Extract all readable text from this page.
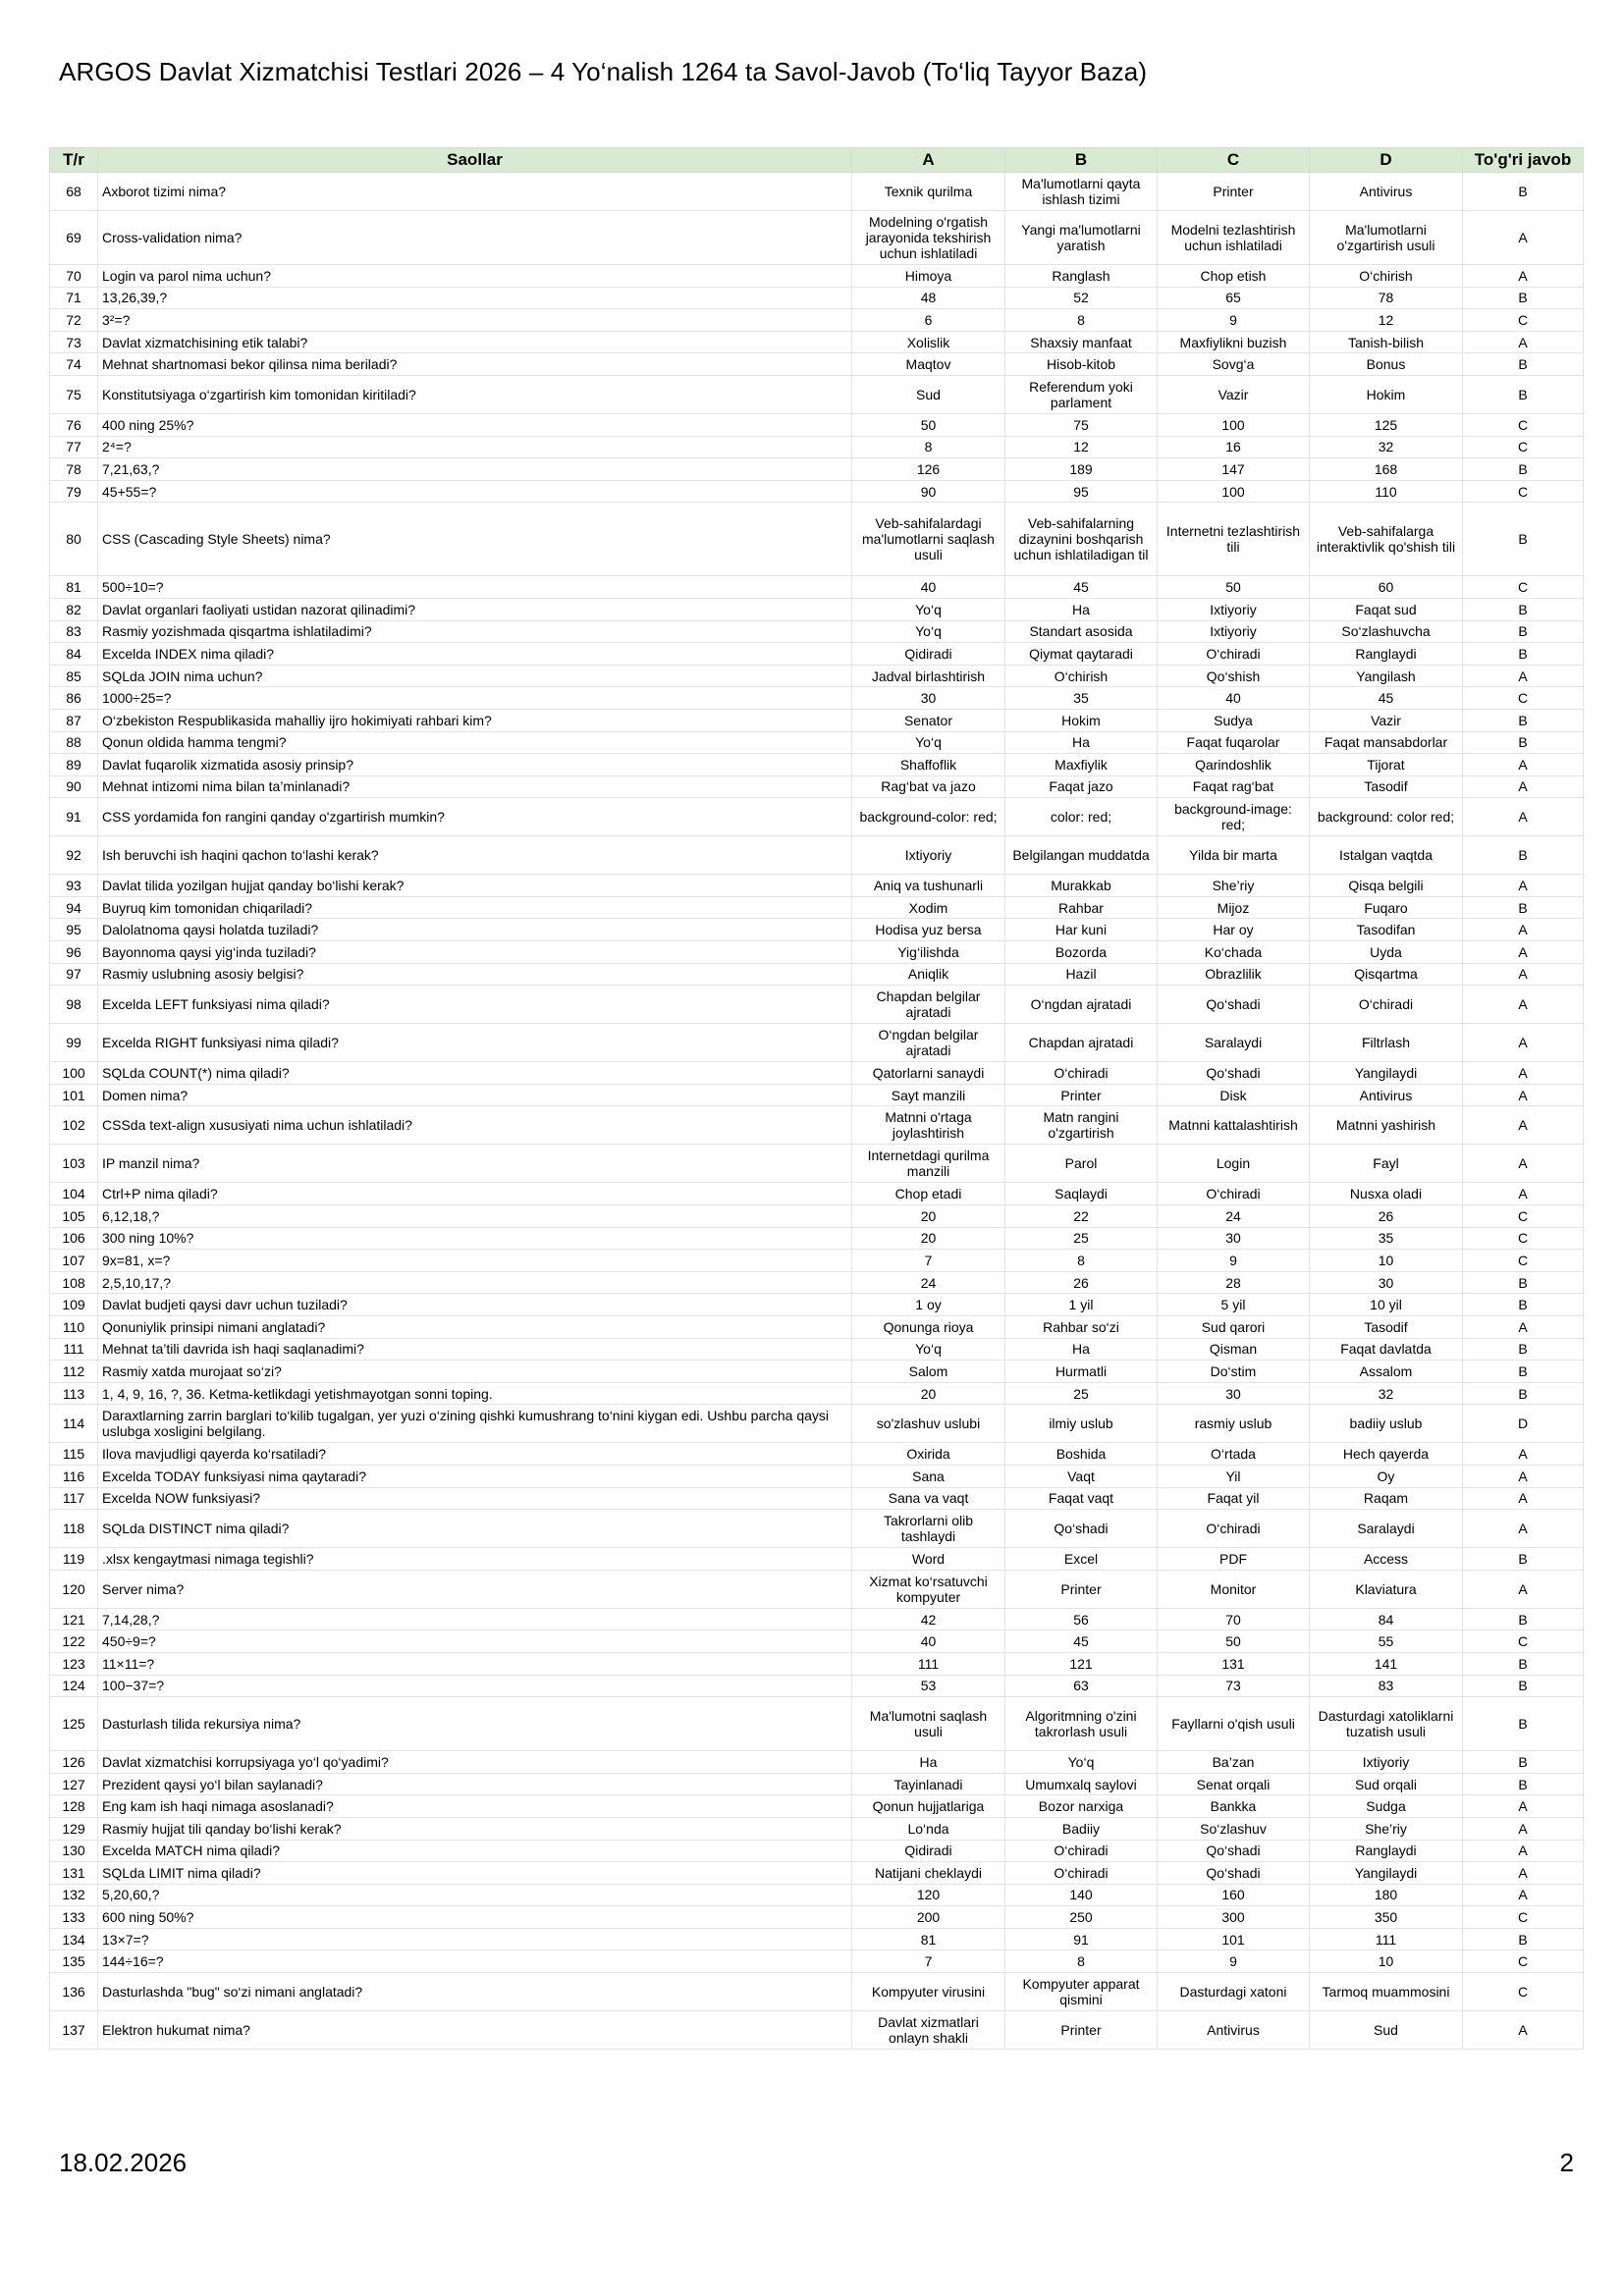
ARGOS Davlat Xizmatchisi Testlari 2026 – 4 Yo‘nalish 1264 ta Savol-Javob (To‘liq Tayyor Baza)
T/r	Saollar	A	B	C	D	To'g'ri javob
68	Axborot tizimi nima?	Texnik qurilma	Ma'lumotlarni qayta ishlash tizimi	Printer	Antivirus	B
69	Cross-validation nima?	Modelning o'rgatish jarayonida tekshirish uchun ishlatiladi	Yangi ma'lumotlarni yaratish	Modelni tezlashtirish uchun ishlatiladi	Ma'lumotlarni o'zgartirish usuli	A
70	Login va parol nima uchun?	Himoya	Ranglash	Chop etish	O‘chirish	A
71	13,26,39,?	48	52	65	78	B
72	3²=?	6	8	9	12	C
73	Davlat xizmatchisining etik talabi?	Xolislik	Shaxsiy manfaat	Maxfiylikni buzish	Tanish-bilish	A
74	Mehnat shartnomasi bekor qilinsa nima beriladi?	Maqtov	Hisob-kitob	Sovg‘a	Bonus	B
75	Konstitutsiyaga o‘zgartirish kim tomonidan kiritiladi?	Sud	Referendum yoki parlament	Vazir	Hokim	B
76	400 ning 25%?	50	75	100	125	C
77	2⁴=?	8	12	16	32	C
78	7,21,63,?	126	189	147	168	B
79	45+55=?	90	95	100	110	C
80	CSS (Cascading Style Sheets) nima?	Veb-sahifalardagi ma'lumotlarni saqlash usuli	Veb-sahifalarning dizaynini boshqarish uchun ishlatiladigan til	Internetni tezlashtirish tili	Veb-sahifalarga interaktivlik qo'shish tili	B
81	500÷10=?	40	45	50	60	C
82	Davlat organlari faoliyati ustidan nazorat qilinadimi?	Yo‘q	Ha	Ixtiyoriy	Faqat sud	B
83	Rasmiy yozishmada qisqartma ishlatiladimi?	Yo‘q	Standart asosida	Ixtiyoriy	So‘zlashuvcha	B
84	Excelda INDEX nima qiladi?	Qidiradi	Qiymat qaytaradi	O‘chiradi	Ranglaydi	B
85	SQLda JOIN nima uchun?	Jadval birlashtirish	O‘chirish	Qo‘shish	Yangilash	A
86	1000÷25=?	30	35	40	45	C
87	O‘zbekiston Respublikasida mahalliy ijro hokimiyati rahbari kim?	Senator	Hokim	Sudya	Vazir	B
88	Qonun oldida hamma tengmi?	Yo‘q	Ha	Faqat fuqarolar	Faqat mansabdorlar	B
89	Davlat fuqarolik xizmatida asosiy prinsip?	Shaffoflik	Maxfiylik	Qarindoshlik	Tijorat	A
90	Mehnat intizomi nima bilan ta’minlanadi?	Rag‘bat va jazo	Faqat jazo	Faqat rag‘bat	Tasodif	A
91	CSS yordamida fon rangini qanday o'zgartirish mumkin?	background-color: red;	color: red;	background-image: red;	background: color red;	A
92	Ish beruvchi ish haqini qachon to‘lashi kerak?	Ixtiyoriy	Belgilangan muddatda	Yilda bir marta	Istalgan vaqtda	B
93	Davlat tilida yozilgan hujjat qanday bo‘lishi kerak?	Aniq va tushunarli	Murakkab	She’riy	Qisqa belgili	A
94	Buyruq kim tomonidan chiqariladi?	Xodim	Rahbar	Mijoz	Fuqaro	B
95	Dalolatnoma qaysi holatda tuziladi?	Hodisa yuz bersa	Har kuni	Har oy	Tasodifan	A
96	Bayonnoma qaysi yig‘inda tuziladi?	Yig‘ilishda	Bozorda	Ko‘chada	Uyda	A
97	Rasmiy uslubning asosiy belgisi?	Aniqlik	Hazil	Obrazlilik	Qisqartma	A
98	Excelda LEFT funksiyasi nima qiladi?	Chapdan belgilar ajratadi	O‘ngdan ajratadi	Qo‘shadi	O‘chiradi	A
99	Excelda RIGHT funksiyasi nima qiladi?	O‘ngdan belgilar ajratadi	Chapdan ajratadi	Saralaydi	Filtrlash	A
100	SQLda COUNT(*) nima qiladi?	Qatorlarni sanaydi	O‘chiradi	Qo‘shadi	Yangilaydi	A
101	Domen nima?	Sayt manzili	Printer	Disk	Antivirus	A
102	CSSda text-align xususiyati nima uchun ishlatiladi?	Matnni o'rtaga joylashtirish	Matn rangini o'zgartirish	Matnni kattalashtirish	Matnni yashirish	A
103	IP manzil nima?	Internetdagi qurilma manzili	Parol	Login	Fayl	A
104	Ctrl+P nima qiladi?	Chop etadi	Saqlaydi	O‘chiradi	Nusxa oladi	A
105	6,12,18,?	20	22	24	26	C
106	300 ning 10%?	20	25	30	35	C
107	9x=81, x=?	7	8	9	10	C
108	2,5,10,17,?	24	26	28	30	B
109	Davlat budjeti qaysi davr uchun tuziladi?	1 oy	1 yil	5 yil	10 yil	B
110	Qonuniylik prinsipi nimani anglatadi?	Qonunga rioya	Rahbar so‘zi	Sud qarori	Tasodif	A
111	Mehnat ta’tili davrida ish haqi saqlanadimi?	Yo‘q	Ha	Qisman	Faqat davlatda	B
112	Rasmiy xatda murojaat so‘zi?	Salom	Hurmatli	Do‘stim	Assalom	B
113	1, 4, 9, 16, ?, 36. Ketma-ketlikdagi yetishmayotgan sonni toping.	20	25	30	32	B
114	Daraxtlarning zarrin barglari to‘kilib tugalgan, yer yuzi o‘zining qishki kumushrang to‘nini kiygan edi. Ushbu parcha qaysi uslubga xosligini belgilang.	so'zlashuv uslubi	ilmiy uslub	rasmiy uslub	badiiy uslub	D
115	Ilova mavjudligi qayerda ko‘rsatiladi?	Oxirida	Boshida	O‘rtada	Hech qayerda	A
116	Excelda TODAY funksiyasi nima qaytaradi?	Sana	Vaqt	Yil	Oy	A
117	Excelda NOW funksiyasi?	Sana va vaqt	Faqat vaqt	Faqat yil	Raqam	A
118	SQLda DISTINCT nima qiladi?	Takrorlarni olib tashlaydi	Qo‘shadi	O‘chiradi	Saralaydi	A
119	.xlsx kengaytmasi nimaga tegishli?	Word	Excel	PDF	Access	B
120	Server nima?	Xizmat ko‘rsatuvchi kompyuter	Printer	Monitor	Klaviatura	A
121	7,14,28,?	42	56	70	84	B
122	450÷9=?	40	45	50	55	C
123	11×11=?	111	121	131	141	B
124	100−37=?	53	63	73	83	B
125	Dasturlash tilida rekursiya nima?	Ma'lumotni saqlash usuli	Algoritmning o'zini takrorlash usuli	Fayllarni o'qish usuli	Dasturdagi xatoliklarni tuzatish usuli	B
126	Davlat xizmatchisi korrupsiyaga yo‘l qo‘yadimi?	Ha	Yo‘q	Ba’zan	Ixtiyoriy	B
127	Prezident qaysi yo‘l bilan saylanadi?	Tayinlanadi	Umumxalq saylovi	Senat orqali	Sud orqali	B
128	Eng kam ish haqi nimaga asoslanadi?	Qonun hujjatlariga	Bozor narxiga	Bankka	Sudga	A
129	Rasmiy hujjat tili qanday bo‘lishi kerak?	Lo‘nda	Badiiy	So‘zlashuv	She’riy	A
130	Excelda MATCH nima qiladi?	Qidiradi	O‘chiradi	Qo‘shadi	Ranglaydi	A
131	SQLda LIMIT nima qiladi?	Natijani cheklaydi	O‘chiradi	Qo‘shadi	Yangilaydi	A
132	5,20,60,?	120	140	160	180	A
133	600 ning 50%?	200	250	300	350	C
134	13×7=?	81	91	101	111	B
135	144÷16=?	7	8	9	10	C
136	Dasturlashda "bug" so‘zi nimani anglatadi?	Kompyuter virusini	Kompyuter apparat qismini	Dasturdagi xatoni	Tarmoq muammosini	C
137	Elektron hukumat nima?	Davlat xizmatlari onlayn shakli	Printer	Antivirus	Sud	A
18.02.2026	2
